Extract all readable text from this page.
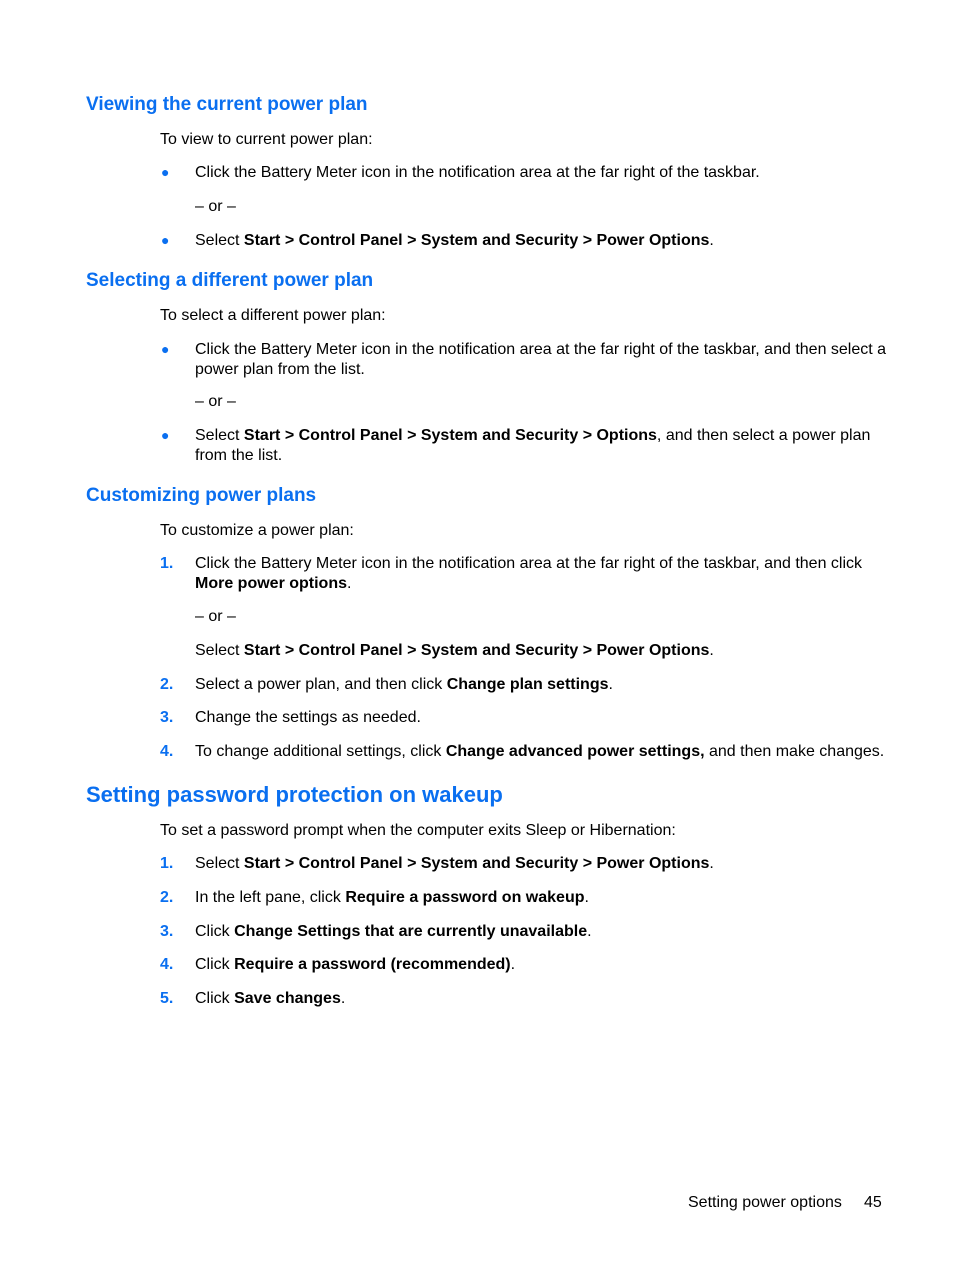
Viewing the current power plan

To view to current power plan:

● Click the Battery Meter icon in the notification area at the far right of the taskbar.
– or –
● Select Start > Control Panel > System and Security > Power Options.
Selecting a different power plan

To select a different power plan:

● Click the Battery Meter icon in the notification area at the far right of the taskbar, and then select a power plan from the list.
– or –
● Select Start > Control Panel > System and Security > Options, and then select a power plan from the list.
Customizing power plans

To customize a power plan:

1. Click the Battery Meter icon in the notification area at the far right of the taskbar, and then click More power options.
– or –
Select Start > Control Panel > System and Security > Power Options.
2. Select a power plan, and then click Change plan settings.
3. Change the settings as needed.
4. To change additional settings, click Change advanced power settings, and then make changes.
Setting password protection on wakeup

To set a password prompt when the computer exits Sleep or Hibernation:

1. Select Start > Control Panel > System and Security > Power Options.
2. In the left pane, click Require a password on wakeup.
3. Click Change Settings that are currently unavailable.
4. Click Require a password (recommended).
5. Click Save changes.
Setting power options 45
